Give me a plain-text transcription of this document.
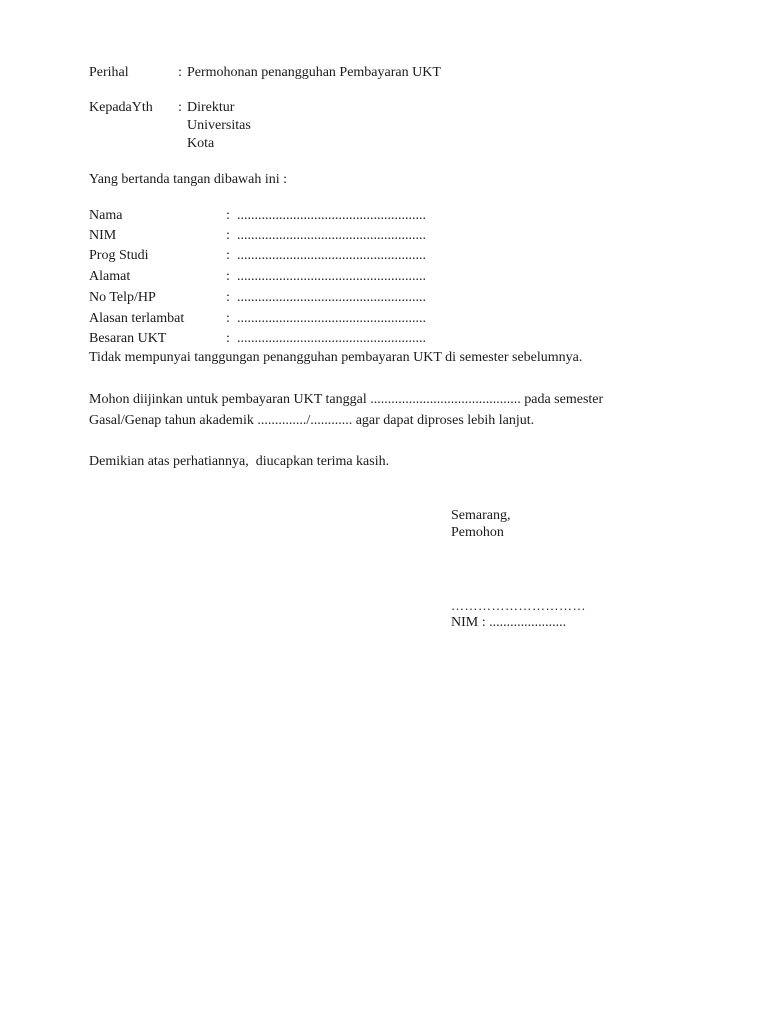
Perihal	: Permohonan penangguhan Pembayaran UKT
KepadaYth : Direktur
Universitas
Kota
Yang bertanda tangan dibawah ini :
Nama	: ......................................................
NIM	: ......................................................
Prog Studi	: ......................................................
Alamat	: ......................................................
No Telp/HP	: ......................................................
Alasan terlambat	: ......................................................
Besaran UKT	: ......................................................
Tidak mempunyai tanggungan penangguhan pembayaran UKT di semester sebelumnya.
Mohon diijinkan untuk pembayaran UKT tanggal ........................................... pada semester
Gasal/Genap tahun akademik ............../............ agar dapat diproses lebih lanjut.
Demikian atas perhatiannya,  diucapkan terima kasih.
Semarang,
Pemohon
…………………………
NIM : ......................
